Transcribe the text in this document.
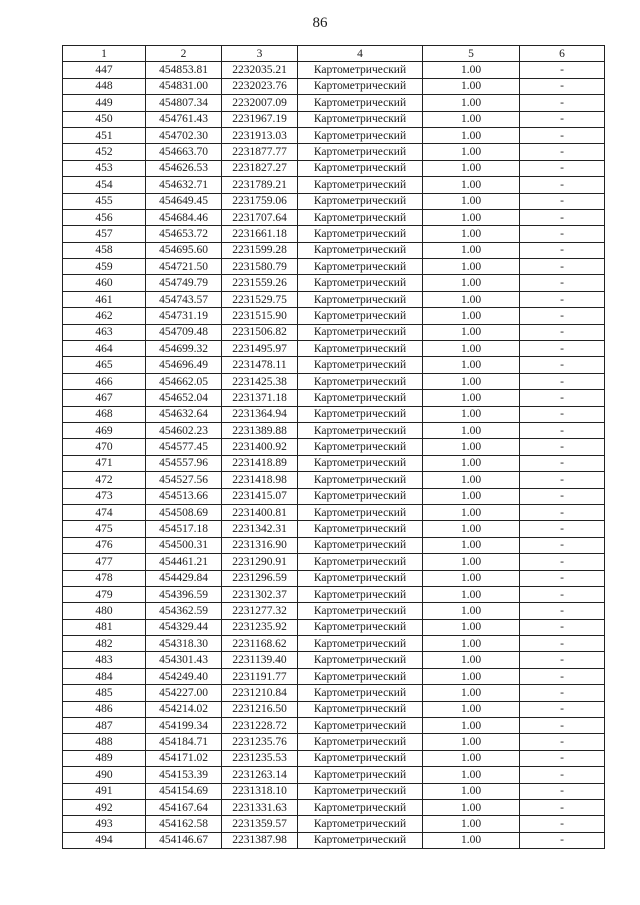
86
1	2	3	4	5	6
447	454853.81	2232035.21	Картометрический	1.00	-
448	454831.00	2232023.76	Картометрический	1.00	-
449	454807.34	2232007.09	Картометрический	1.00	-
450	454761.43	2231967.19	Картометрический	1.00	-
451	454702.30	2231913.03	Картометрический	1.00	-
452	454663.70	2231877.77	Картометрический	1.00	-
453	454626.53	2231827.27	Картометрический	1.00	-
454	454632.71	2231789.21	Картометрический	1.00	-
455	454649.45	2231759.06	Картометрический	1.00	-
456	454684.46	2231707.64	Картометрический	1.00	-
457	454653.72	2231661.18	Картометрический	1.00	-
458	454695.60	2231599.28	Картометрический	1.00	-
459	454721.50	2231580.79	Картометрический	1.00	-
460	454749.79	2231559.26	Картометрический	1.00	-
461	454743.57	2231529.75	Картометрический	1.00	-
462	454731.19	2231515.90	Картометрический	1.00	-
463	454709.48	2231506.82	Картометрический	1.00	-
464	454699.32	2231495.97	Картометрический	1.00	-
465	454696.49	2231478.11	Картометрический	1.00	-
466	454662.05	2231425.38	Картометрический	1.00	-
467	454652.04	2231371.18	Картометрический	1.00	-
468	454632.64	2231364.94	Картометрический	1.00	-
469	454602.23	2231389.88	Картометрический	1.00	-
470	454577.45	2231400.92	Картометрический	1.00	-
471	454557.96	2231418.89	Картометрический	1.00	-
472	454527.56	2231418.98	Картометрический	1.00	-
473	454513.66	2231415.07	Картометрический	1.00	-
474	454508.69	2231400.81	Картометрический	1.00	-
475	454517.18	2231342.31	Картометрический	1.00	-
476	454500.31	2231316.90	Картометрический	1.00	-
477	454461.21	2231290.91	Картометрический	1.00	-
478	454429.84	2231296.59	Картометрический	1.00	-
479	454396.59	2231302.37	Картометрический	1.00	-
480	454362.59	2231277.32	Картометрический	1.00	-
481	454329.44	2231235.92	Картометрический	1.00	-
482	454318.30	2231168.62	Картометрический	1.00	-
483	454301.43	2231139.40	Картометрический	1.00	-
484	454249.40	2231191.77	Картометрический	1.00	-
485	454227.00	2231210.84	Картометрический	1.00	-
486	454214.02	2231216.50	Картометрический	1.00	-
487	454199.34	2231228.72	Картометрический	1.00	-
488	454184.71	2231235.76	Картометрический	1.00	-
489	454171.02	2231235.53	Картометрический	1.00	-
490	454153.39	2231263.14	Картометрический	1.00	-
491	454154.69	2231318.10	Картометрический	1.00	-
492	454167.64	2231331.63	Картометрический	1.00	-
493	454162.58	2231359.57	Картометрический	1.00	-
494	454146.67	2231387.98	Картометрический	1.00	-
